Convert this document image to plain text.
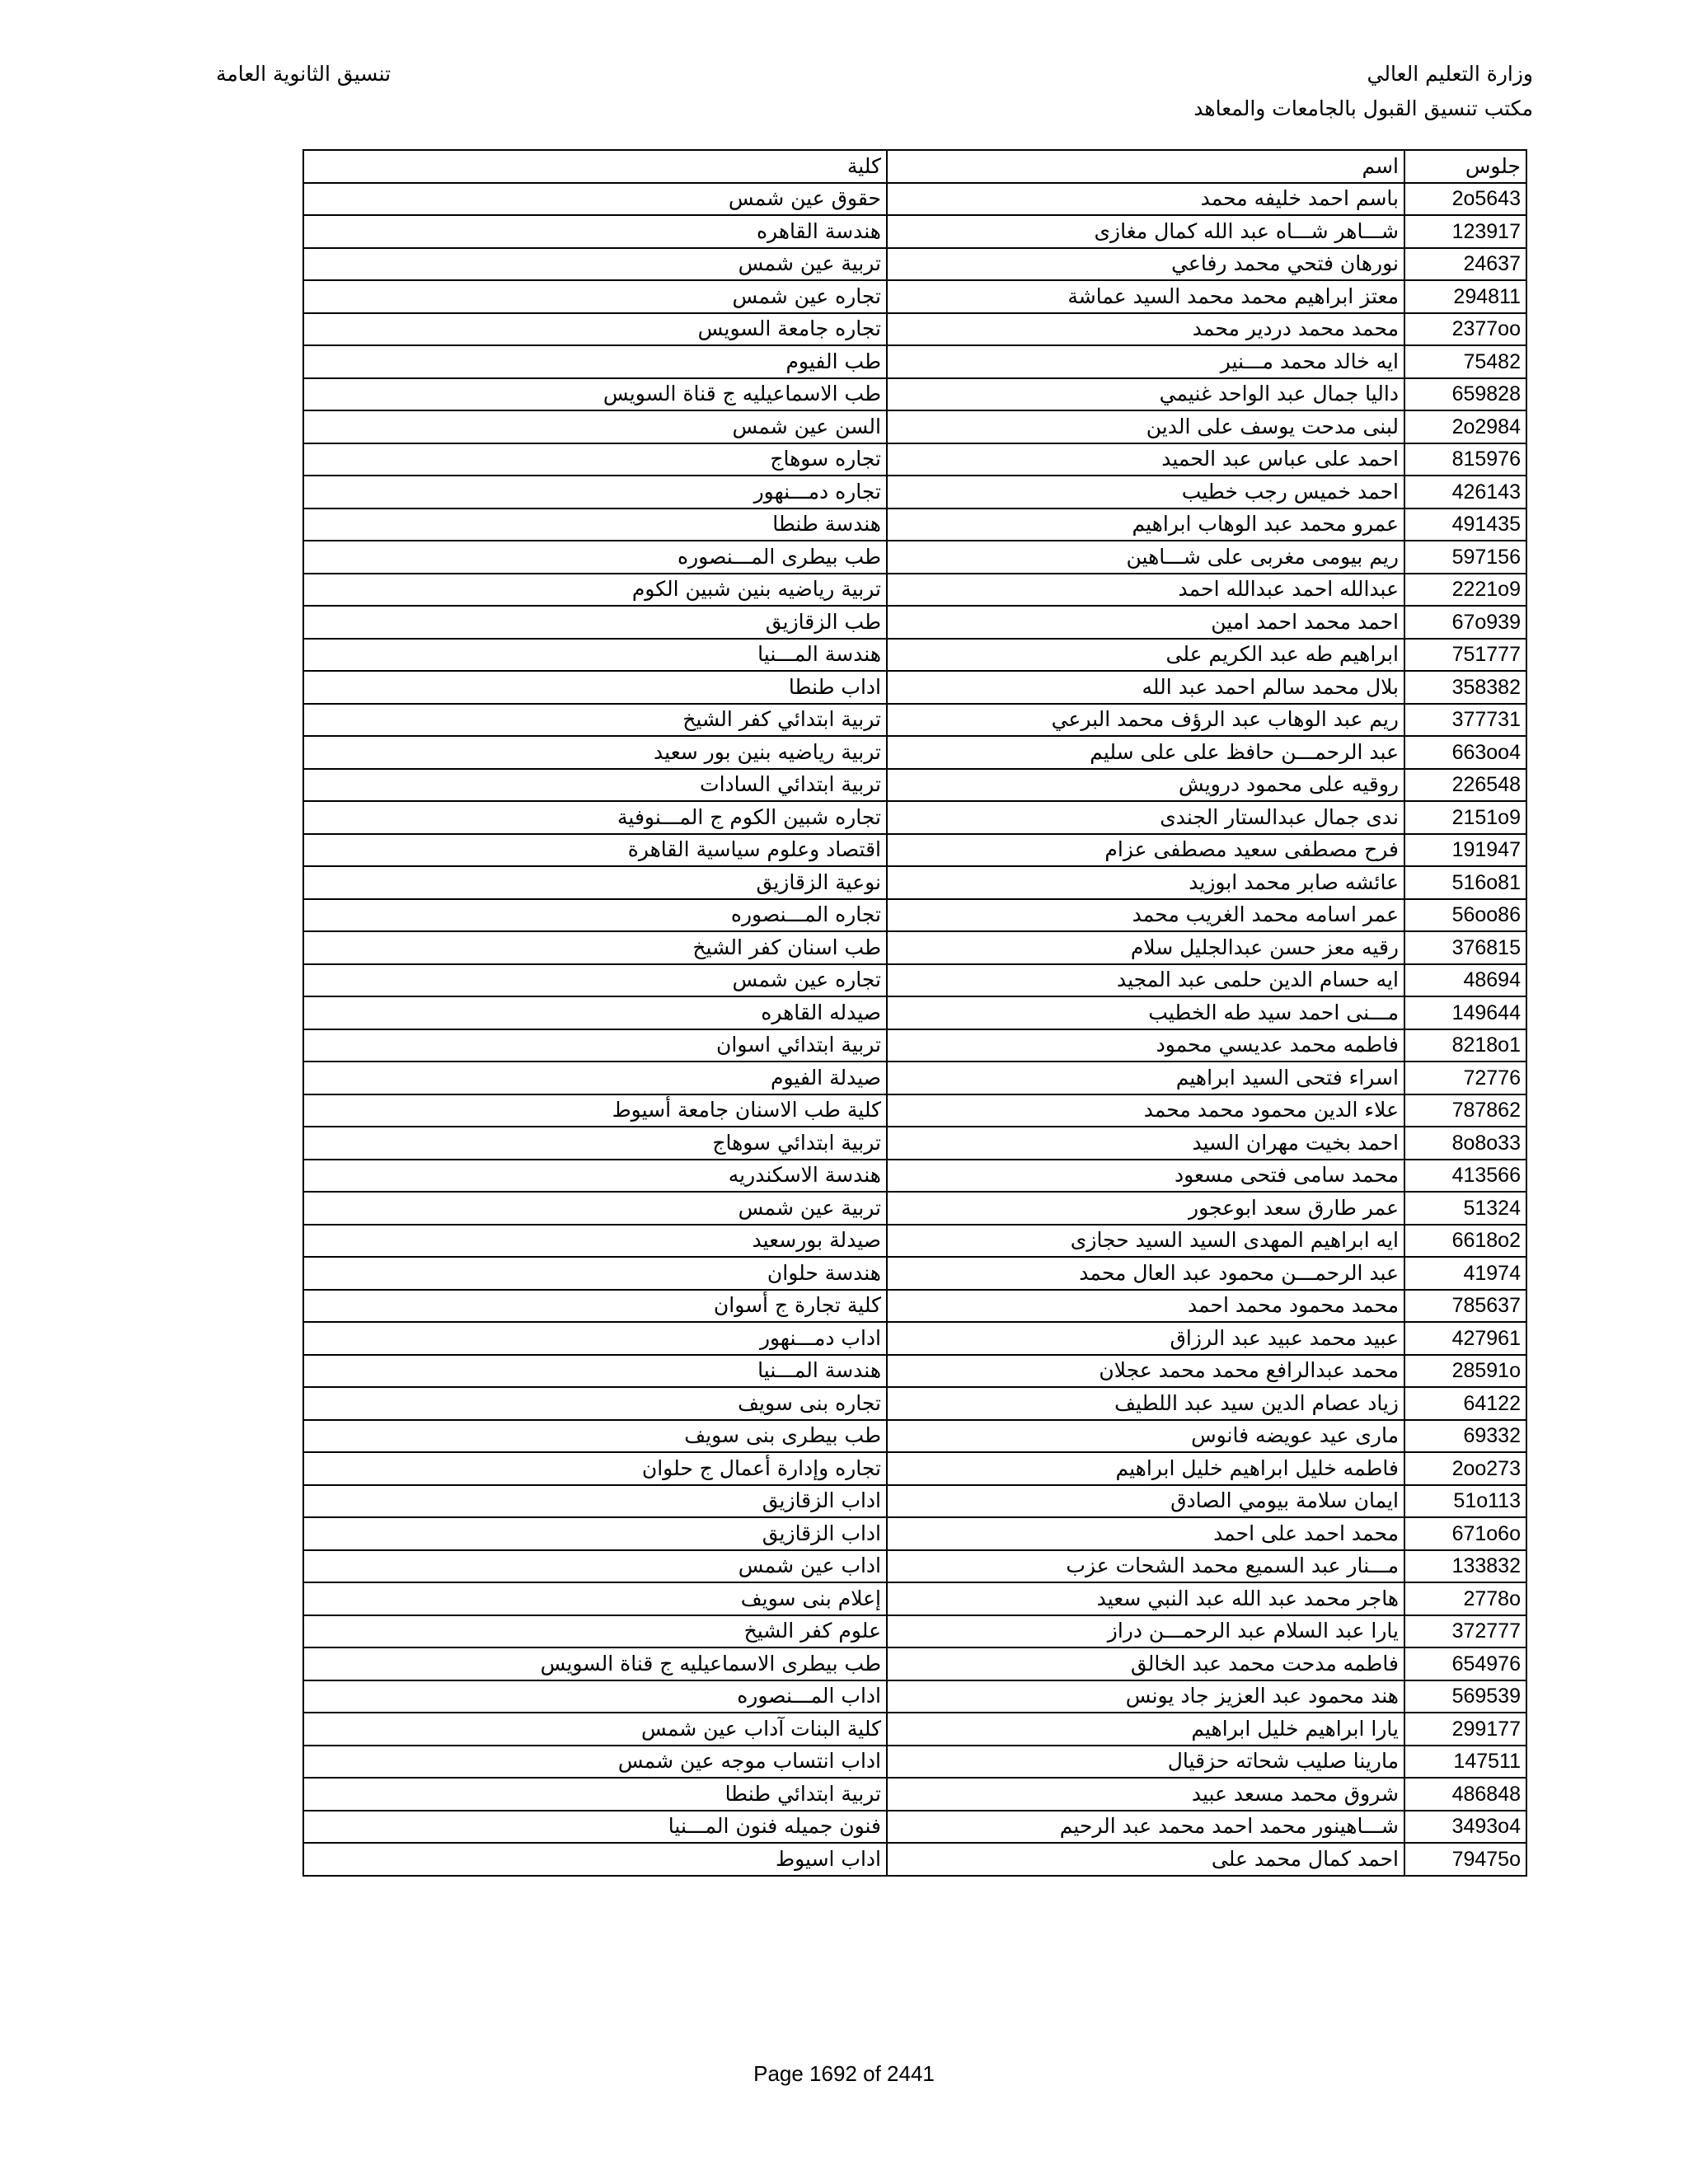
وزارة التعليم العالي
مكتب تنسيق القبول بالجامعات والمعاهد
تنسيق الثانوية العامة
جلوس	اسم	كلية
2o5643	باسم احمد خليفه محمد	حقوق عين شمس
123917	شـــاهر شـــاه عبد الله كمال مغازى	هندسة القاهره
24637	نورهان فتحي محمد رفاعي	تربية عين شمس
294811	معتز ابراهيم محمد محمد السيد عماشة	تجاره عين شمس
2377oo	محمد محمد دردير محمد	تجاره جامعة السويس
75482	ايه خالد محمد مـــنير	طب الفيوم
659828	داليا جمال عبد الواحد غنيمي	طب الاسماعيليه ج قناة السويس
2o2984	لبنى مدحت يوسف على الدين	السن عين شمس
815976	احمد على عباس عبد الحميد	تجاره سوهاج
426143	احمد خميس رجب خطيب	تجاره دمـــنهور
491435	عمرو محمد عبد الوهاب ابراهيم	هندسة طنطا
597156	ريم بيومى مغربى على شـــاهين	طب بيطرى المـــنصوره
2221o9	عبدالله احمد عبدالله احمد	تربية رياضيه بنين شبين الكوم
67o939	احمد محمد احمد امين	طب الزقازيق
751777	ابراهيم طه عبد الكريم على	هندسة المـــنيا
358382	بلال محمد سالم احمد عبد الله	اداب طنطا
377731	ريم عبد الوهاب عبد الرؤف محمد البرعي	تربية ابتدائي كفر الشيخ
663oo4	عبد الرحمـــن حافظ على على سليم	تربية رياضيه بنين بور سعيد
226548	روقيه على محمود درويش	تربية ابتدائي السادات
2151o9	ندى جمال عبدالستار الجندى	تجاره شبين الكوم ج المـــنوفية
191947	فرح مصطفى سعيد مصطفى عزام	اقتصاد وعلوم سياسية القاهرة
516o81	عائشه صابر محمد ابوزيد	نوعية الزقازيق
56oo86	عمر اسامه محمد الغريب محمد	تجاره المـــنصوره
376815	رقيه معز حسن عبدالجليل سلام	طب اسنان كفر الشيخ
48694	ايه حسام الدين حلمى عبد المجيد	تجاره عين شمس
149644	مـــنى احمد سيد طه الخطيب	صيدله القاهره
8218o1	فاطمه محمد عديسي محمود	تربية ابتدائي اسوان
72776	اسراء فتحى السيد ابراهيم	صيدلة الفيوم
787862	علاء الدين محمود محمد محمد	كلية طب الاسنان جامعة أسيوط
8o8o33	احمد بخيت مهران السيد	تربية ابتدائي سوهاج
413566	محمد سامى فتحى مسعود	هندسة الاسكندريه
51324	عمر طارق سعد ابوعجور	تربية عين شمس
6618o2	ايه ابراهيم المهدى السيد السيد حجازى	صيدلة بورسعيد
41974	عبد الرحمـــن محمود عبد العال محمد	هندسة حلوان
785637	محمد محمود محمد احمد	كلية تجارة ج أسوان
427961	عبيد محمد عبيد عبد الرزاق	اداب دمـــنهور
28591o	محمد عبدالرافع محمد محمد عجلان	هندسة المـــنيا
64122	زياد عصام الدين سيد عبد اللطيف	تجاره بنى سويف
69332	مارى عيد عويضه فانوس	طب بيطرى بنى سويف
2oo273	فاطمه خليل ابراهيم خليل ابراهيم	تجاره وإدارة أعمال ج حلوان
51o113	ايمان سلامة بيومي الصادق	اداب الزقازيق
671o6o	محمد احمد على احمد	اداب الزقازيق
133832	مـــنار عبد السميع محمد الشحات عزب	اداب عين شمس
2778o	هاجر محمد عبد الله عبد النبي سعيد	إعلام بنى سويف
372777	يارا عبد السلام عبد الرحمـــن دراز	علوم كفر الشيخ
654976	فاطمه مدحت محمد عبد الخالق	طب بيطرى الاسماعيليه ج قناة السويس
569539	هند محمود عبد العزيز جاد يونس	اداب المـــنصوره
299177	يارا ابراهيم خليل ابراهيم	كلية البنات آداب عين شمس
147511	مارينا صليب شحاته حزقيال	اداب انتساب موجه عين شمس
486848	شروق محمد مسعد عبيد	تربية ابتدائي طنطا
3493o4	شـــاهينور محمد احمد محمد عبد الرحيم	فنون جميله فنون المـــنيا
79475o	احمد كمال محمد على	اداب اسيوط
Page 1692 of 2441
